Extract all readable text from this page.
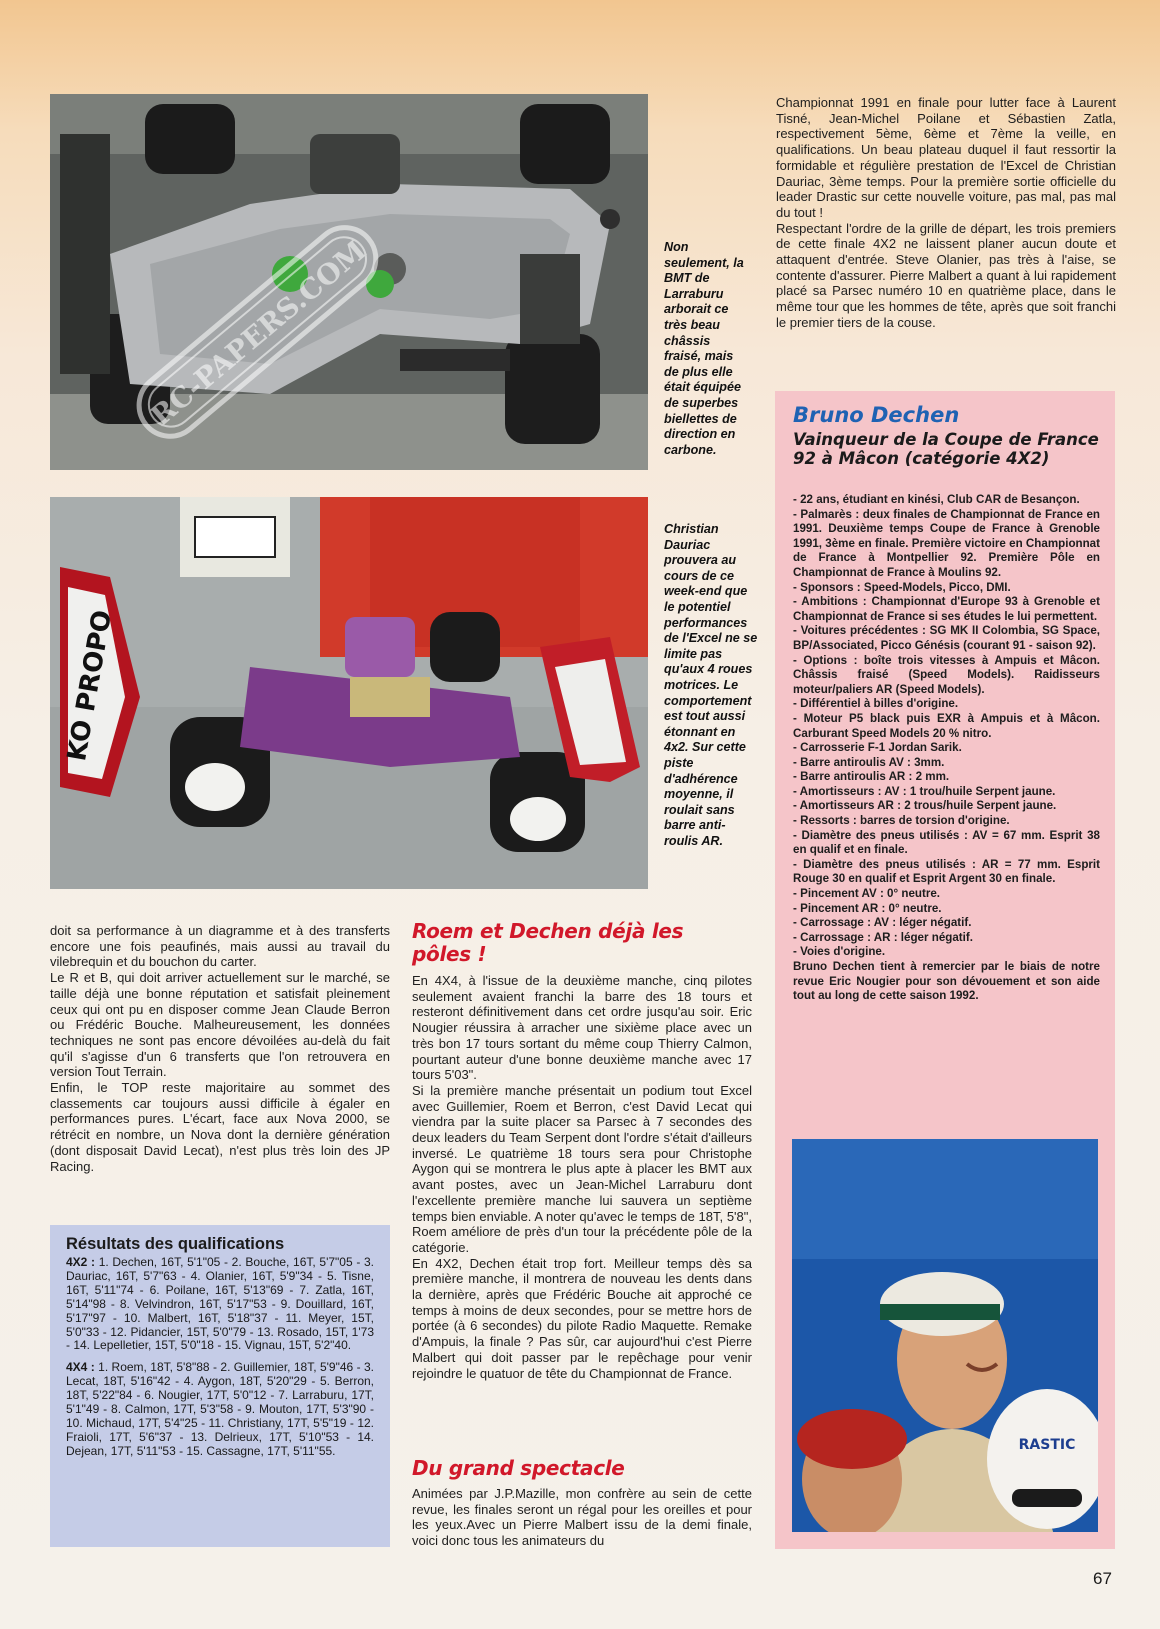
RC-PAPERS.COM	Non seulement, la BMT de Larraburu arborait ce très beau châssis fraisé, mais de plus elle était équipée de superbes biellettes de direction en carbone.

KO PROPO

Christian Dauriac prouvera au cours de ce week-end que le potentiel performances de l'Excel ne se limite pas qu'aux 4 roues motrices. Le comportement est tout aussi étonnant en 4x2. Sur cette piste d'adhérence moyenne, il roulait sans barre anti-roulis AR.

doit sa performance à un diagramme et à des transferts encore une fois peaufinés, mais aussi au travail du vilebrequin et du bouchon du carter.

Le R et B, qui doit arriver actuellement sur le marché, se taille déjà une bonne réputation et satisfait pleinement ceux qui ont pu en disposer comme Jean Claude Berron ou Frédéric Bouche. Malheureusement, les données techniques ne sont pas encore dévoilées au-delà du fait qu'il s'agisse d'un 6 transferts que l'on retrouvera en version Tout Terrain.

Enfin, le TOP reste majoritaire au sommet des classements car toujours aussi difficile à égaler en performances pures. L'écart, face aux Nova 2000, se rétrécit en nombre, un Nova dont la dernière génération (dont disposait David Lecat), n'est plus très loin des JP Racing.

Résultats des qualifications

4X2 : 1. Dechen, 16T, 5'1"05 - 2. Bouche, 16T, 5'7"05 - 3. Dauriac, 16T, 5'7"63 - 4. Olanier, 16T, 5'9"34 - 5. Tisne, 16T, 5'11"74 - 6. Poilane, 16T, 5'13"69 - 7. Zatla, 16T, 5'14"98 - 8. Velvindron, 16T, 5'17"53 - 9. Douillard, 16T, 5'17"97 - 10. Malbert, 16T, 5'18"37 - 11. Meyer, 15T, 5'0"33 - 12. Pidancier, 15T, 5'0"79 - 13. Rosado, 15T, 1'73 - 14. Lepelletier, 15T, 5'0"18 - 15. Vignau, 15T, 5'2"40.

4X4 : 1. Roem, 18T, 5'8"88 - 2. Guillemier, 18T, 5'9"46 - 3. Lecat, 18T, 5'16"42 - 4. Aygon, 18T, 5'20"29 - 5. Berron, 18T, 5'22"84 - 6. Nougier, 17T, 5'0"12 - 7. Larraburu, 17T, 5'1"49 - 8. Calmon, 17T, 5'3"58 - 9. Mouton, 17T, 5'3"90 - 10. Michaud, 17T, 5'4"25 - 11. Christiany, 17T, 5'5"19 - 12. Fraioli, 17T, 5'6"37 - 13. Delrieux, 17T, 5'10"53 - 14. Dejean, 17T, 5'11"53 - 15. Cassagne, 17T, 5'11"55.

Roem et Dechen déjà les pôles !

En 4X4, à l'issue de la deuxième manche, cinq pilotes seulement avaient franchi la barre des 18 tours et resteront définitivement dans cet ordre jusqu'au soir. Eric Nougier réussira à arracher une sixième place avec un très bon 17 tours sortant du même coup Thierry Calmon, pourtant auteur d'une bonne deuxième manche avec 17 tours 5'03".

Si la première manche présentait un podium tout Excel avec Guillemier, Roem et Berron, c'est David Lecat qui viendra par la suite placer sa Parsec à 7 secondes des deux leaders du Team Serpent dont l'ordre s'était d'ailleurs inversé. Le quatrième 18 tours sera pour Christophe Aygon qui se montrera le plus apte à placer les BMT aux avant postes, avec un Jean-Michel Larraburu dont l'excellente première manche lui sauvera un septième temps bien enviable. A noter qu'avec le temps de 18T, 5'8", Roem améliore de près d'un tour la précédente pôle de la catégorie.

En 4X2, Dechen était trop fort. Meilleur temps dès sa première manche, il montrera de nouveau les dents dans la dernière, après que Frédéric Bouche ait approché ce temps à moins de deux secondes, pour se mettre hors de portée (à 6 secondes) du pilote Radio Maquette. Remake d'Ampuis, la finale ? Pas sûr, car aujourd'hui c'est Pierre Malbert qui doit passer par le repêchage pour venir rejoindre le quatuor de tête du Championnat de France.

Du grand spectacle

Animées par J.P.Mazille, mon confrère au sein de cette revue, les finales seront un régal pour les oreilles et pour les yeux.Avec un Pierre Malbert issu de la demi finale, voici donc tous les animateurs du

Championnat 1991 en finale pour lutter face à Laurent Tisné, Jean-Michel Poilane et Sébastien Zatla, respectivement 5ème, 6ème et 7ème la veille, en qualifications. Un beau plateau duquel il faut ressortir la formidable et régulière prestation de l'Excel de Christian Dauriac, 3ème temps. Pour la première sortie officielle du leader Drastic sur cette nouvelle voiture, pas mal, pas mal du tout !

Respectant l'ordre de la grille de départ, les trois premiers de cette finale 4X2 ne laissent planer aucun doute et attaquent d'entrée. Steve Olanier, pas très à l'aise, se contente d'assurer. Pierre Malbert a quant à lui rapidement placé sa Parsec numéro 10 en quatrième place, dans le même tour que les hommes de tête, après que soit franchi le premier tiers de la couse.

Bruno Dechen
Vainqueur de la Coupe de France 92 à Mâcon (catégorie 4X2)
- 22 ans, étudiant en kinési, Club CAR de Besançon.
- Palmarès : deux finales de Championnat de France en 1991. Deuxième temps Coupe de France à Grenoble 1991, 3ème en finale. Première victoire en Championnat de France à Montpellier 92. Première Pôle en Championnat de France à Moulins 92.
- Sponsors : Speed-Models, Picco, DMI.
- Ambitions : Championnat d'Europe 93 à Grenoble et Championnat de France si ses études le lui permettent.
- Voitures précédentes : SG MK II Colombia, SG Space, BP/Associated, Picco Génésis (courant 91 - saison 92).
- Options : boîte trois vitesses à Ampuis et Mâcon. Châssis fraisé (Speed Models). Raidisseurs moteur/paliers AR (Speed Models).
- Différentiel à billes d'origine.
- Moteur P5 black puis EXR à Ampuis et à Mâcon. Carburant Speed Models 20 % nitro.
- Carrosserie F-1 Jordan Sarik.
- Barre antiroulis AV : 3mm.
- Barre antiroulis AR : 2 mm.
- Amortisseurs : AV : 1 trou/huile Serpent jaune.
- Amortisseurs AR : 2 trous/huile Serpent jaune.
- Ressorts : barres de torsion d'origine.
- Diamètre des pneus utilisés : AV = 67 mm. Esprit 38 en qualif et en finale.
- Diamètre des pneus utilisés : AR = 77 mm. Esprit Rouge 30 en qualif et Esprit Argent 30 en finale.
- Pincement AV : 0° neutre.
- Pincement AR : 0° neutre.
- Carrossage : AV : léger négatif.
- Carrossage : AR : léger négatif.
- Voies d'origine.
Bruno Dechen tient à remercier par le biais de notre revue Eric Nougier pour son dévouement et son aide tout au long de cette saison 1992.
RASTIC
67
